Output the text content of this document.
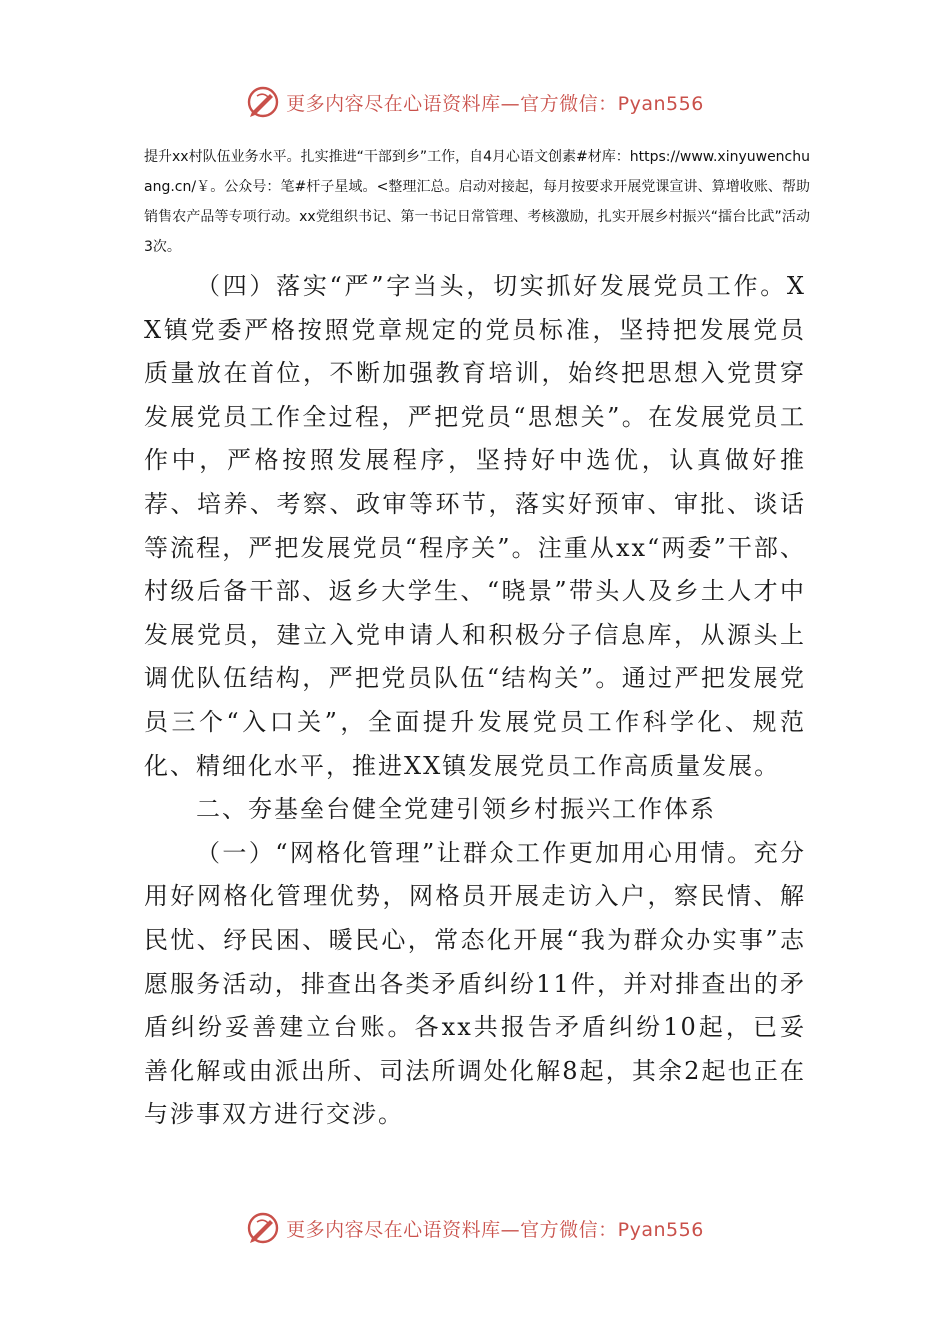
更多内容尽在心语资料库—官方微信：Pyan556
提升xx村队伍业务水平。扎实推进“干部到乡”工作，自4月心语文创素#材库：https://www.xinyuwenchuang.cn/￥。公众号：笔#杆子星域。<整理汇总。启动对接起，每月按要求开展党课宣讲、算增收账、帮助销售农产品等专项行动。xx党组织书记、第一书记日常管理、考核激励，扎实开展乡村振兴“擂台比武”活动3次。

（四）落实“严”字当头，切实抓好发展党员工作。XX镇党委严格按照党章规定的党员标准，坚持把发展党员质量放在首位，不断加强教育培训，始终把思想入党贯穿发展党员工作全过程，严把党员“思想关”。在发展党员工作中，严格按照发展程序，坚持好中选优，认真做好推荐、培养、考察、政审等环节，落实好预审、审批、谈话等流程，严把发展党员“程序关”。注重从xx“两委”干部、村级后备干部、返乡大学生、“晓景”带头人及乡土人才中发展党员，建立入党申请人和积极分子信息库，从源头上调优队伍结构，严把党员队伍“结构关”。通过严把发展党员三个“入口关”，全面提升发展党员工作科学化、规范化、精细化水平，推进XX镇发展党员工作高质量发展。

二、夯基垒台健全党建引领乡村振兴工作体系

（一）“网格化管理”让群众工作更加用心用情。充分用好网格化管理优势，网格员开展走访入户，察民情、解民忧、纾民困、暖民心，常态化开展“我为群众办实事”志愿服务活动，排查出各类矛盾纠纷11件，并对排查出的矛盾纠纷妥善建立台账。各xx共报告矛盾纠纷10起，已妥善化解或由派出所、司法所调处化解8起，其余2起也正在与涉事双方进行交涉。

更多内容尽在心语资料库—官方微信：Pyan556
